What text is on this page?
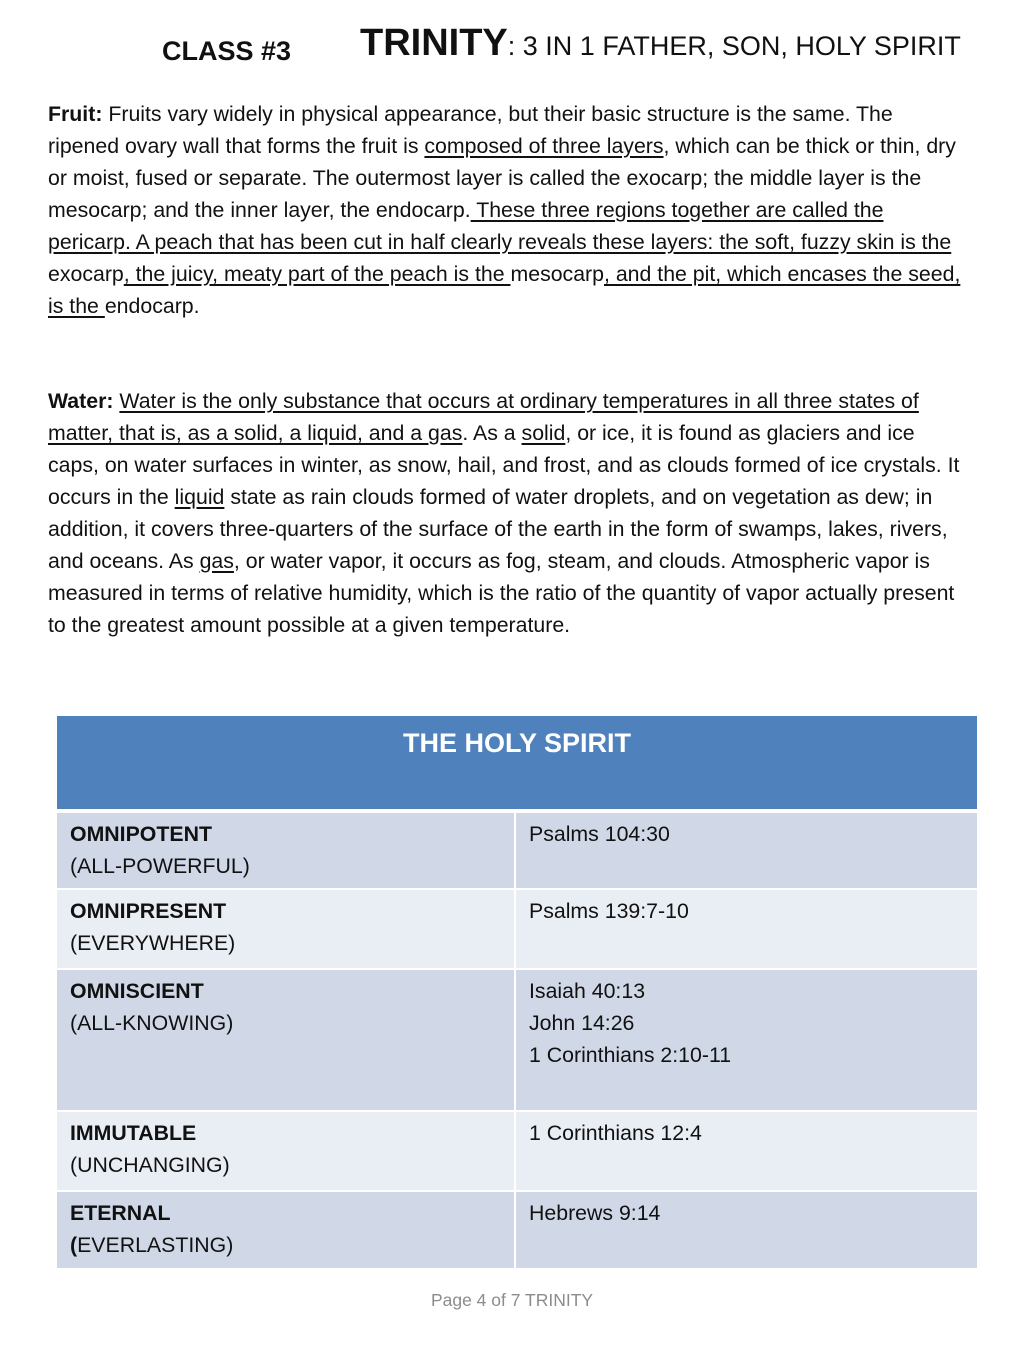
CLASS #3 TRINITY: 3 IN 1 FATHER, SON, HOLY SPIRIT
Fruit: Fruits vary widely in physical appearance, but their basic structure is the same. The ripened ovary wall that forms the fruit is composed of three layers, which can be thick or thin, dry or moist, fused or separate. The outermost layer is called the exocarp; the middle layer is the mesocarp; and the inner layer, the endocarp. These three regions together are called the pericarp. A peach that has been cut in half clearly reveals these layers: the soft, fuzzy skin is the exocarp, the juicy, meaty part of the peach is the mesocarp, and the pit, which encases the seed, is the endocarp.
Water: Water is the only substance that occurs at ordinary temperatures in all three states of matter, that is, as a solid, a liquid, and a gas. As a solid, or ice, it is found as glaciers and ice caps, on water surfaces in winter, as snow, hail, and frost, and as clouds formed of ice crystals. It occurs in the liquid state as rain clouds formed of water droplets, and on vegetation as dew; in addition, it covers three-quarters of the surface of the earth in the form of swamps, lakes, rivers, and oceans. As gas, or water vapor, it occurs as fog, steam, and clouds. Atmospheric vapor is measured in terms of relative humidity, which is the ratio of the quantity of vapor actually present to the greatest amount possible at a given temperature.
THE HOLY SPIRIT
OMNIPOTENT
(ALL-POWERFUL)
Psalms 104:30
OMNIPRESENT
(EVERYWHERE)
Psalms 139:7-10
OMNISCIENT
(ALL-KNOWING)
Isaiah 40:13
John 14:26
1 Corinthians 2:10-11
IMMUTABLE
(UNCHANGING)
1 Corinthians 12:4
ETERNAL
(EVERLASTING)
Hebrews 9:14
Page 4 of 7 TRINITY
